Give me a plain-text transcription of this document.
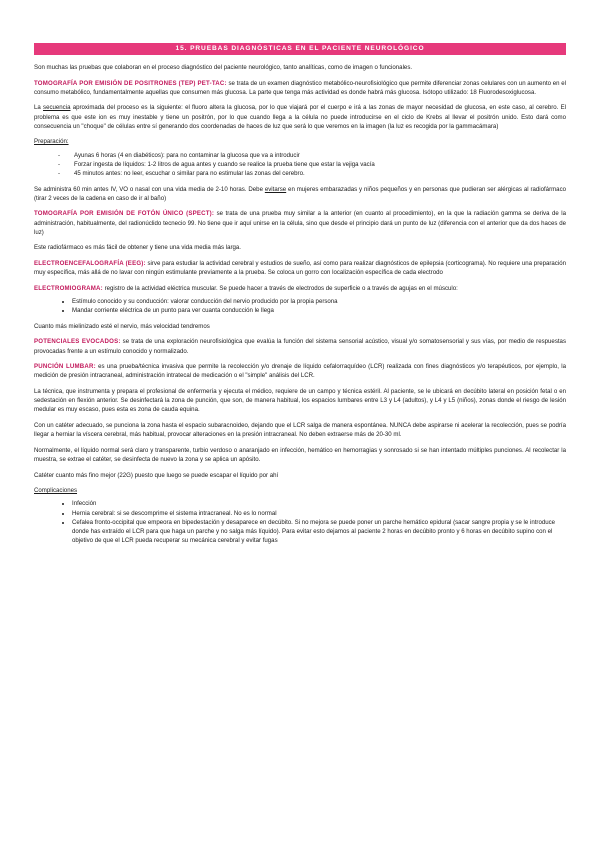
15. PRUEBAS DIAGNÓSTICAS EN EL PACIENTE NEUROLÓGICO

Son muchas las pruebas que colaboran en el proceso diagnóstico del paciente neurológico, tanto analíticas, como de imagen o funcionales.

TOMOGRAFÍA POR EMISIÓN DE POSITRONES (TEP) PET-TAC: se trata de un examen diagnóstico metabólico-neurofisiológico que permite diferenciar zonas celulares con un aumento en el consumo metabólico, fundamentalmente aquellas que consumen más glucosa. La parte que tenga más actividad es donde habrá más glucosa. Isótopo utilizado: 18 Fluorodesoxiglucosa.

La secuencia aproximada del proceso es la siguiente: el fluoro altera la glucosa, por lo que viajará por el cuerpo e irá a las zonas de mayor necesidad de glucosa, en este caso, al cerebro. El problema es que este ion es muy inestable y tiene un positrón, por lo que cuando llega a la célula no puede introducirse en el ciclo de Krebs al llevar el positrón unido. Esto dará como consecuencia un "choque" de células entre sí generando dos coordenadas de haces de luz que será lo que veremos en la imagen (la luz es recogida por la gammacámara)

Preparación:

- Ayunas 6 horas (4 en diabéticos): para no contaminar la glucosa que va a introducir
- Forzar ingesta de líquidos: 1-2 litros de agua antes y cuando se realice la prueba tiene que estar la vejiga vacía
- 45 minutos antes: no leer, escuchar o similar para no estimular las zonas del cerebro.

Se administra 60 min antes IV, VO o nasal con una vida media de 2-10 horas. Debe evitarse en mujeres embarazadas y niños pequeños y en personas que pudieran ser alérgicas al radiofármaco (tirar 2 veces de la cadena en caso de ir al baño)

TOMOGRAFÍA POR EMISIÓN DE FOTÓN ÚNICO (SPECT): se trata de una prueba muy similar a la anterior (en cuanto al procedimiento), en la que la radiación gamma se deriva de la administración, habitualmente, del radionúclido tecnecio 99. No tiene que ir aquí unirse en la célula, sino que desde el principio dará un punto de luz (diferencia con el anterior que da dos haces de luz)

Este radiofármaco es más fácil de obtener y tiene una vida media más larga.

ELECTROENCEFALOGRAFÍA (EEG): sirve para estudiar la actividad cerebral y estudios de sueño, así como para realizar diagnósticos de epilepsia (corticograma). No requiere una preparación muy específica, más allá de no lavar con ningún estimulante previamente a la prueba. Se coloca un gorro con localización específica de cada electrodo

ELECTROMIOGRAMA: registro de la actividad eléctrica muscular. Se puede hacer a través de electrodos de superficie o a través de agujas en el músculo:

• Estímulo conocido y su conducción: valorar conducción del nervio producido por la propia persona
• Mandar corriente eléctrica de un punto para ver cuanta conducción le llega

Cuanto más mielinizado esté el nervio, más velocidad tendremos

POTENCIALES EVOCADOS: se trata de una exploración neurofisiológica que evalúa la función del sistema sensorial acústico, visual y/o somatosensorial y sus vías, por medio de respuestas provocadas frente a un estímulo conocido y normalizado.

PUNCIÓN LUMBAR: es una prueba/técnica invasiva que permite la recolección y/o drenaje de líquido cefalorraquídeo (LCR) realizada con fines diagnósticos y/o terapéuticos, por ejemplo, la medición de presión intracraneal, administración intratecal de medicación o el "simple" análisis del LCR.

La técnica, que instrumenta y prepara el profesional de enfermería y ejecuta el médico, requiere de un campo y técnica estéril. Al paciente, se le ubicará en decúbito lateral en posición fetal o en sedestación en flexión anterior. Se desinfectará la zona de punción, que son, de manera habitual, los espacios lumbares entre L3 y L4 (adultos), y L4 y L5 (niños), zonas donde el riesgo de lesión medular es muy escaso, pues esta es zona de cauda equina.

Con un catéter adecuado, se punciona la zona hasta el espacio subaracnoideo, dejando que el LCR salga de manera espontánea. NUNCA debe aspirarse ni acelerar la recolección, pues se podría llegar a herniar la víscera cerebral, más habitual, provocar alteraciones en la presión intracraneal. No deben extraerse más de 20-30 ml.

Normalmente, el líquido normal será claro y transparente, turbio verdoso o anaranjado en infección, hemático en hemorragias y sonrosado si se han intentado múltiples punciones. Al recolectar la muestra, se extrae el catéter, se desinfecta de nuevo la zona y se aplica un apósito.

Catéter cuanto más fino mejor (22G) puesto que luego se puede escapar el líquido por ahí

Complicaciones

• Infección
• Hernia cerebral: si se descomprime el sistema intracraneal. No es lo normal
• Cefalea fronto-occipital que empeora en bipedestación y desaparece en decúbito. Si no mejora se puede poner un parche hemático epidural (sacar sangre propia y se le introduce donde has extraído el LCR para que haga un parche y no salga más líquido). Para evitar esto dejamos al paciente 2 horas en decúbito pronto y 6 horas en decúbito supino con el objetivo de que el LCR pueda recuperar su mecánica cerebral y evitar fugas
